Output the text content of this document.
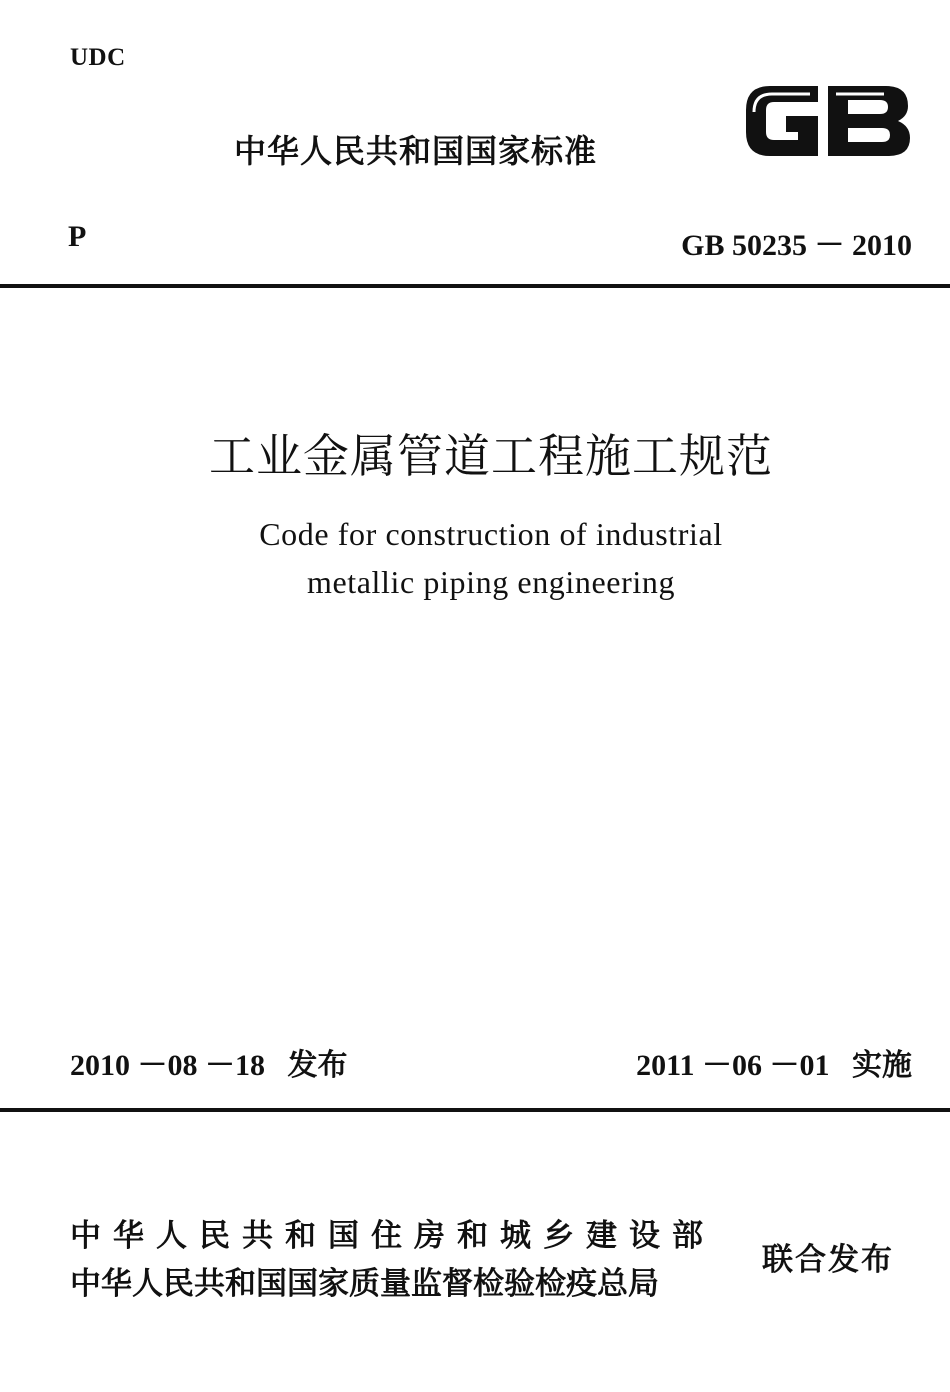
UDC
中华人民共和国国家标准
P	GB 50235 － 2010
工业金属管道工程施工规范
Code for construction of industrial
metallic piping engineering
2010 －08 －18 发布	2011 －06 －01 实施
中华人民共和国住房和城乡建设部
中华人民共和国国家质量监督检验检疫总局
联合发布
